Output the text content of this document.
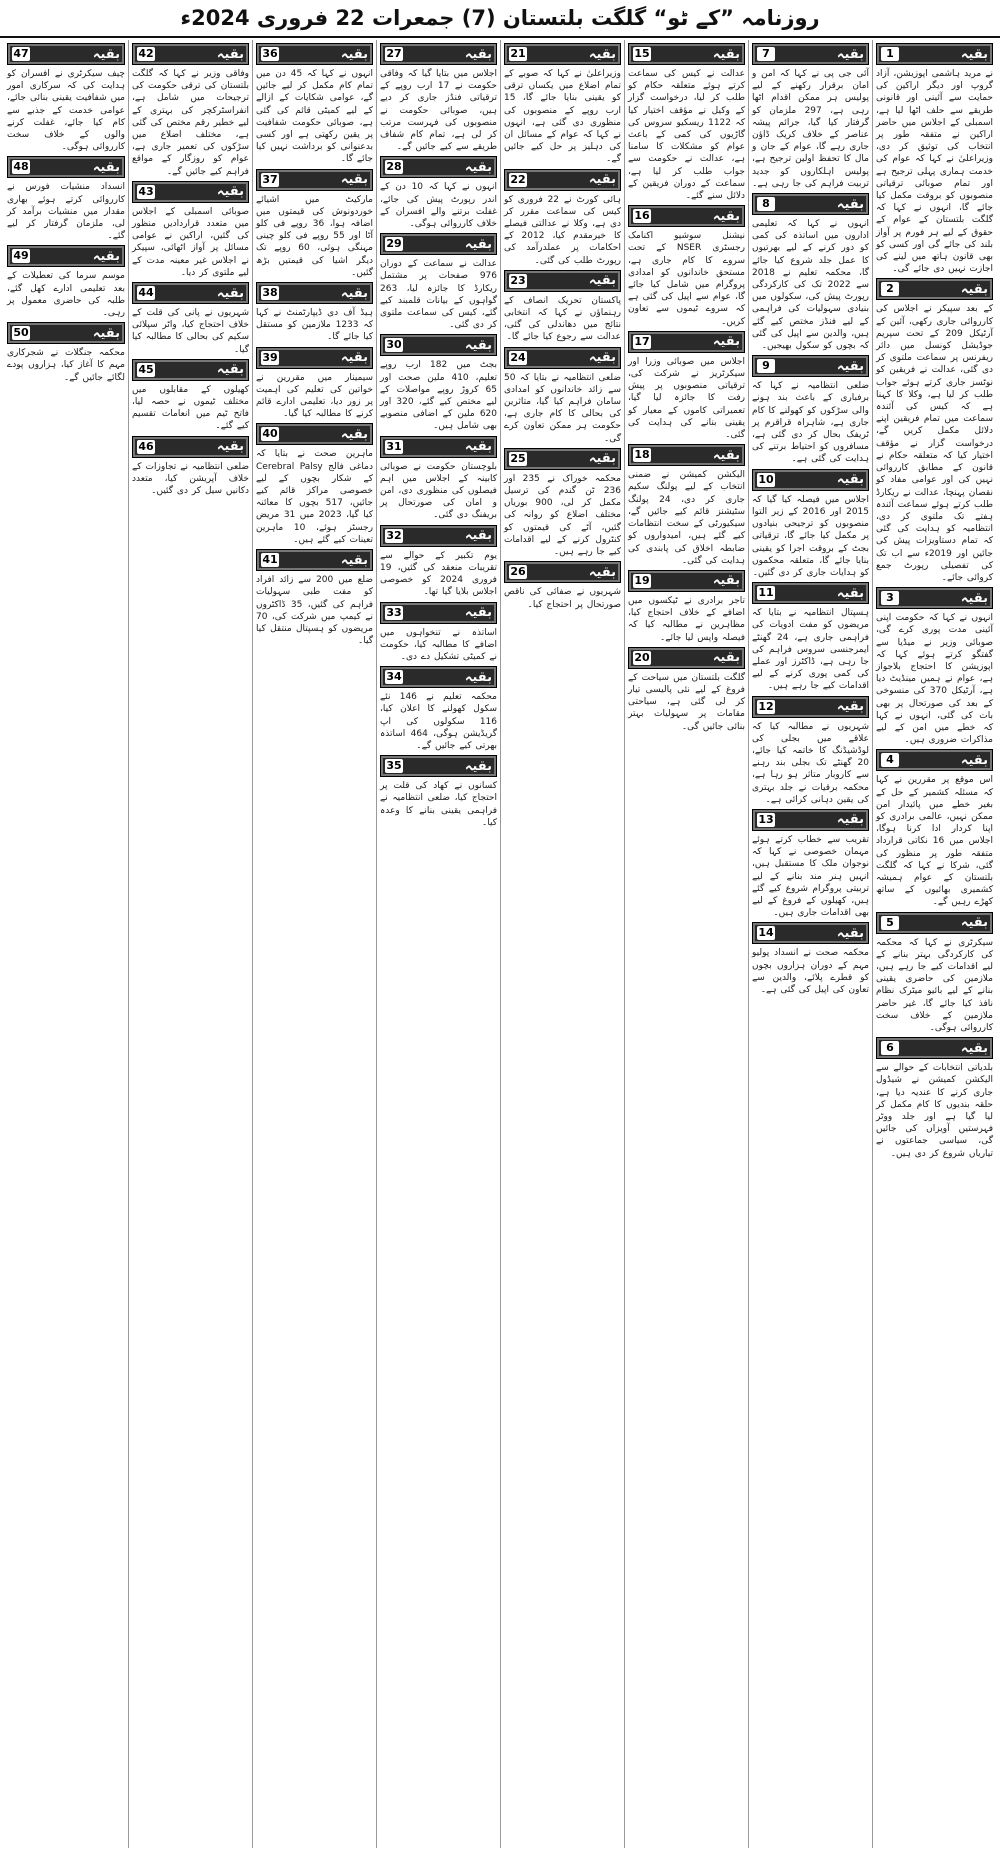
روزنامہ ”کے ٹو“ گلگت بلتستان (7) جمعرات 22 فروری 2024ء
بقیہ
1
نے مرید ہاشمی اپوزیشن، آزاد گروپ اور دیگر اراکین کی حمایت سے آئینی اور قانونی طریقے سے حلف اٹھا لیا ہے، اسمبلی کے اجلاس میں حاضر اراکین نے متفقہ طور پر انتخاب کی توثیق کر دی، وزیراعلیٰ نے کہا کہ عوام کی خدمت ہماری پہلی ترجیح ہے اور تمام صوبائی ترقیاتی منصوبوں کو بروقت مکمل کیا جائے گا، انہوں نے کہا کہ گلگت بلتستان کے عوام کے حقوق کے لیے ہر فورم پر آواز بلند کی جائے گی اور کسی کو بھی قانون ہاتھ میں لینے کی اجازت نہیں دی جائے گی۔
بقیہ
2
کے بعد سپیکر نے اجلاس کی کارروائی جاری رکھی، آئین کے آرٹیکل 209 کے تحت سپریم جوڈیشل کونسل میں دائر ریفرنس پر سماعت ملتوی کر دی گئی، عدالت نے فریقین کو نوٹسز جاری کرتے ہوئے جواب طلب کر لیا ہے، وکلا کا کہنا ہے کہ کیس کی آئندہ سماعت میں تمام فریقین اپنے دلائل مکمل کریں گے، درخواست گزار نے مؤقف اختیار کیا کہ متعلقہ حکام نے قانون کے مطابق کارروائی نہیں کی اور عوامی مفاد کو نقصان پہنچا، عدالت نے ریکارڈ طلب کرتے ہوئے سماعت آئندہ ہفتے تک ملتوی کر دی، انتظامیہ کو ہدایت کی گئی کہ تمام دستاویزات پیش کی جائیں اور 2019ء سے اب تک کی تفصیلی رپورٹ جمع کروائی جائے۔
بقیہ
3
انہوں نے کہا کہ حکومت اپنی آئینی مدت پوری کرے گی، صوبائی وزیر نے میڈیا سے گفتگو کرتے ہوئے کہا کہ اپوزیشن کا احتجاج بلاجواز ہے، عوام نے ہمیں مینڈیٹ دیا ہے، آرٹیکل 370 کی منسوخی کے بعد کی صورتحال پر بھی بات کی گئی، انہوں نے کہا کہ خطے میں امن کے لیے مذاکرات ضروری ہیں۔
بقیہ
4
اس موقع پر مقررین نے کہا کہ مسئلہ کشمیر کے حل کے بغیر خطے میں پائیدار امن ممکن نہیں، عالمی برادری کو اپنا کردار ادا کرنا ہوگا، اجلاس میں 16 نکاتی قرارداد متفقہ طور پر منظور کی گئی، شرکا نے کہا کہ گلگت بلتستان کے عوام ہمیشہ کشمیری بھائیوں کے ساتھ کھڑے رہیں گے۔
بقیہ
5
سیکرٹری نے کہا کہ محکمہ کی کارکردگی بہتر بنانے کے لیے اقدامات کیے جا رہے ہیں، ملازمین کی حاضری یقینی بنانے کے لیے بائیو میٹرک نظام نافذ کیا جائے گا، غیر حاضر ملازمین کے خلاف سخت کارروائی ہوگی۔
بقیہ
6
بلدیاتی انتخابات کے حوالے سے الیکشن کمیشن نے شیڈول جاری کرنے کا عندیہ دیا ہے، حلقہ بندیوں کا کام مکمل کر لیا گیا ہے اور جلد ووٹر فہرستیں آویزاں کی جائیں گی، سیاسی جماعتوں نے تیاریاں شروع کر دی ہیں۔
بقیہ
7
آئی جی پی نے کہا کہ امن و امان برقرار رکھنے کے لیے پولیس ہر ممکن اقدام اٹھا رہی ہے، 297 ملزمان کو گرفتار کیا گیا، جرائم پیشہ عناصر کے خلاف کریک ڈاؤن جاری رہے گا، عوام کے جان و مال کا تحفظ اولین ترجیح ہے، پولیس اہلکاروں کو جدید تربیت فراہم کی جا رہی ہے۔
بقیہ
8
انہوں نے کہا کہ تعلیمی اداروں میں اساتذہ کی کمی کو دور کرنے کے لیے بھرتیوں کا عمل جلد شروع کیا جائے گا، محکمہ تعلیم نے 2018 سے 2022 تک کی کارکردگی رپورٹ پیش کی، سکولوں میں بنیادی سہولیات کی فراہمی کے لیے فنڈز مختص کیے گئے ہیں، والدین سے اپیل کی گئی کہ بچوں کو سکول بھیجیں۔
بقیہ
9
ضلعی انتظامیہ نے کہا کہ برفباری کے باعث بند ہونے والی سڑکوں کو کھولنے کا کام جاری ہے، شاہراہ قراقرم پر ٹریفک بحال کر دی گئی ہے، مسافروں کو احتیاط برتنے کی ہدایت کی گئی ہے۔
بقیہ
10
اجلاس میں فیصلہ کیا گیا کہ 2015 اور 2016 کے زیر التوا منصوبوں کو ترجیحی بنیادوں پر مکمل کیا جائے گا، ترقیاتی بجٹ کے بروقت اجرا کو یقینی بنایا جائے گا، متعلقہ محکموں کو ہدایات جاری کر دی گئیں۔
بقیہ
11
ہسپتال انتظامیہ نے بتایا کہ مریضوں کو مفت ادویات کی فراہمی جاری ہے، 24 گھنٹے ایمرجنسی سروس فراہم کی جا رہی ہے، ڈاکٹرز اور عملے کی کمی پوری کرنے کے لیے اقدامات کیے جا رہے ہیں۔
بقیہ
12
شہریوں نے مطالبہ کیا کہ علاقے میں بجلی کی لوڈشیڈنگ کا خاتمہ کیا جائے، 20 گھنٹے تک بجلی بند رہنے سے کاروبار متاثر ہو رہا ہے، محکمہ برقیات نے جلد بہتری کی یقین دہانی کرائی ہے۔
بقیہ
13
تقریب سے خطاب کرتے ہوئے مہمان خصوصی نے کہا کہ نوجوان ملک کا مستقبل ہیں، انہیں ہنر مند بنانے کے لیے تربیتی پروگرام شروع کیے گئے ہیں، کھیلوں کے فروغ کے لیے بھی اقدامات جاری ہیں۔
بقیہ
14
محکمہ صحت نے انسداد پولیو مہم کے دوران ہزاروں بچوں کو قطرے پلائے، والدین سے تعاون کی اپیل کی گئی ہے۔
بقیہ
15
عدالت نے کیس کی سماعت کرتے ہوئے متعلقہ حکام کو طلب کر لیا، درخواست گزار کے وکیل نے مؤقف اختیار کیا کہ 1122 ریسکیو سروس کی گاڑیوں کی کمی کے باعث عوام کو مشکلات کا سامنا ہے، عدالت نے حکومت سے جواب طلب کر لیا ہے، سماعت کے دوران فریقین کے دلائل سنے گئے۔
بقیہ
16
نیشنل سوشیو اکنامک رجسٹری NSER کے تحت سروے کا کام جاری ہے، مستحق خاندانوں کو امدادی پروگرام میں شامل کیا جائے گا، عوام سے اپیل کی گئی ہے کہ سروے ٹیموں سے تعاون کریں۔
بقیہ
17
اجلاس میں صوبائی وزرا اور سیکرٹریز نے شرکت کی، ترقیاتی منصوبوں پر پیش رفت کا جائزہ لیا گیا، تعمیراتی کاموں کے معیار کو یقینی بنانے کی ہدایت کی گئی۔
بقیہ
18
الیکشن کمیشن نے ضمنی انتخاب کے لیے پولنگ سکیم جاری کر دی، 24 پولنگ سٹیشنز قائم کیے جائیں گے، سیکیورٹی کے سخت انتظامات کیے گئے ہیں، امیدواروں کو ضابطہ اخلاق کی پابندی کی ہدایت کی گئی۔
بقیہ
19
تاجر برادری نے ٹیکسوں میں اضافے کے خلاف احتجاج کیا، مظاہرین نے مطالبہ کیا کہ فیصلہ واپس لیا جائے۔
بقیہ
20
گلگت بلتستان میں سیاحت کے فروغ کے لیے نئی پالیسی تیار کر لی گئی ہے، سیاحتی مقامات پر سہولیات بہتر بنائی جائیں گی۔
بقیہ
21
وزیراعلیٰ نے کہا کہ صوبے کے تمام اضلاع میں یکساں ترقی کو یقینی بنایا جائے گا، 15 ارب روپے کے منصوبوں کی منظوری دی گئی ہے، انہوں نے کہا کہ عوام کے مسائل ان کی دہلیز پر حل کیے جائیں گے۔
بقیہ
22
ہائی کورٹ نے 22 فروری کو کیس کی سماعت مقرر کر دی ہے، وکلا نے عدالتی فیصلے کا خیرمقدم کیا، 2012 کے احکامات پر عملدرآمد کی رپورٹ طلب کی گئی۔
بقیہ
23
پاکستان تحریک انصاف کے رہنماؤں نے کہا کہ انتخابی نتائج میں دھاندلی کی گئی، عدالت سے رجوع کیا جائے گا۔
بقیہ
24
ضلعی انتظامیہ نے بتایا کہ 50 سے زائد خاندانوں کو امدادی سامان فراہم کیا گیا، متاثرین کی بحالی کا کام جاری ہے، حکومت ہر ممکن تعاون کرے گی۔
بقیہ
25
محکمہ خوراک نے 235 اور 236 ٹن گندم کی ترسیل مکمل کر لی، 900 بوریاں مختلف اضلاع کو روانہ کی گئیں، آٹے کی قیمتوں کو کنٹرول کرنے کے لیے اقدامات کیے جا رہے ہیں۔
بقیہ
26
شہریوں نے صفائی کی ناقص صورتحال پر احتجاج کیا۔
بقیہ
27
اجلاس میں بتایا گیا کہ وفاقی حکومت نے 17 ارب روپے کے ترقیاتی فنڈز جاری کر دیے ہیں، صوبائی حکومت نے منصوبوں کی فہرست مرتب کر لی ہے، تمام کام شفاف طریقے سے کیے جائیں گے۔
بقیہ
28
انہوں نے کہا کہ 10 دن کے اندر رپورٹ پیش کی جائے، غفلت برتنے والے افسران کے خلاف کارروائی ہوگی۔
بقیہ
29
عدالت نے سماعت کے دوران 976 صفحات پر مشتمل ریکارڈ کا جائزہ لیا، 263 گواہوں کے بیانات قلمبند کیے گئے، کیس کی سماعت ملتوی کر دی گئی۔
بقیہ
30
بجٹ میں 182 ارب روپے تعلیم، 410 ملین صحت اور 65 کروڑ روپے مواصلات کے لیے مختص کیے گئے، 320 اور 620 ملین کے اضافی منصوبے بھی شامل ہیں۔
بقیہ
31
بلوچستان حکومت نے صوبائی کابینہ کے اجلاس میں اہم فیصلوں کی منظوری دی، امن و امان کی صورتحال پر بریفنگ دی گئی۔
بقیہ
32
یوم تکبیر کے حوالے سے تقریبات منعقد کی گئیں، 19 فروری 2024 کو خصوصی اجلاس بلایا گیا تھا۔
بقیہ
33
اساتذہ نے تنخواہوں میں اضافے کا مطالبہ کیا، حکومت نے کمیٹی تشکیل دے دی۔
بقیہ
34
محکمہ تعلیم نے 146 نئے سکول کھولنے کا اعلان کیا، 116 سکولوں کی اپ گریڈیشن ہوگی، 464 اساتذہ بھرتی کیے جائیں گے۔
بقیہ
35
کسانوں نے کھاد کی قلت پر احتجاج کیا، ضلعی انتظامیہ نے فراہمی یقینی بنانے کا وعدہ کیا۔
بقیہ
36
انہوں نے کہا کہ 45 دن میں تمام کام مکمل کر لیے جائیں گے، عوامی شکایات کے ازالے کے لیے کمیٹی قائم کی گئی ہے، صوبائی حکومت شفافیت پر یقین رکھتی ہے اور کسی بدعنوانی کو برداشت نہیں کیا جائے گا۔
بقیہ
37
مارکیٹ میں اشیائے خوردونوش کی قیمتوں میں اضافہ ہوا، 36 روپے فی کلو آٹا اور 55 روپے فی کلو چینی مہنگی ہوئی، 60 روپے تک دیگر اشیا کی قیمتیں بڑھ گئیں۔
بقیہ
38
ہیڈ آف دی ڈیپارٹمنٹ نے کہا کہ 1233 ملازمین کو مستقل کیا جائے گا۔
بقیہ
39
سیمینار میں مقررین نے خواتین کی تعلیم کی اہمیت پر زور دیا، تعلیمی ادارے قائم کرنے کا مطالبہ کیا گیا۔
بقیہ
40
ماہرین صحت نے بتایا کہ دماغی فالج Cerebral Palsy کے شکار بچوں کے لیے خصوصی مراکز قائم کیے جائیں، 517 بچوں کا معائنہ کیا گیا، 2023 میں 31 مریض رجسٹر ہوئے، 10 ماہرین تعینات کیے گئے ہیں۔
بقیہ
41
ضلع میں 200 سے زائد افراد کو مفت طبی سہولیات فراہم کی گئیں، 35 ڈاکٹروں نے کیمپ میں شرکت کی، 70 مریضوں کو ہسپتال منتقل کیا گیا۔
بقیہ
42
وفاقی وزیر نے کہا کہ گلگت بلتستان کی ترقی حکومت کی ترجیحات میں شامل ہے، انفراسٹرکچر کی بہتری کے لیے خطیر رقم مختص کی گئی ہے، مختلف اضلاع میں سڑکوں کی تعمیر جاری ہے، عوام کو روزگار کے مواقع فراہم کیے جائیں گے۔
بقیہ
43
صوبائی اسمبلی کے اجلاس میں متعدد قراردادیں منظور کی گئیں، اراکین نے عوامی مسائل پر آواز اٹھائی، سپیکر نے اجلاس غیر معینہ مدت کے لیے ملتوی کر دیا۔
بقیہ
44
شہریوں نے پانی کی قلت کے خلاف احتجاج کیا، واٹر سپلائی سکیم کی بحالی کا مطالبہ کیا گیا۔
بقیہ
45
کھیلوں کے مقابلوں میں مختلف ٹیموں نے حصہ لیا، فاتح ٹیم میں انعامات تقسیم کیے گئے۔
بقیہ
46
ضلعی انتظامیہ نے تجاوزات کے خلاف آپریشن کیا، متعدد دکانیں سیل کر دی گئیں۔
بقیہ
47
چیف سیکرٹری نے افسران کو ہدایت کی کہ سرکاری امور میں شفافیت یقینی بنائی جائے، عوامی خدمت کے جذبے سے کام کیا جائے، غفلت کرنے والوں کے خلاف سخت کارروائی ہوگی۔
بقیہ
48
انسداد منشیات فورس نے کارروائی کرتے ہوئے بھاری مقدار میں منشیات برآمد کر لی، ملزمان گرفتار کر لیے گئے۔
بقیہ
49
موسم سرما کی تعطیلات کے بعد تعلیمی ادارے کھل گئے، طلبہ کی حاضری معمول پر رہی۔
بقیہ
50
محکمہ جنگلات نے شجرکاری مہم کا آغاز کیا، ہزاروں پودے لگائے جائیں گے۔
